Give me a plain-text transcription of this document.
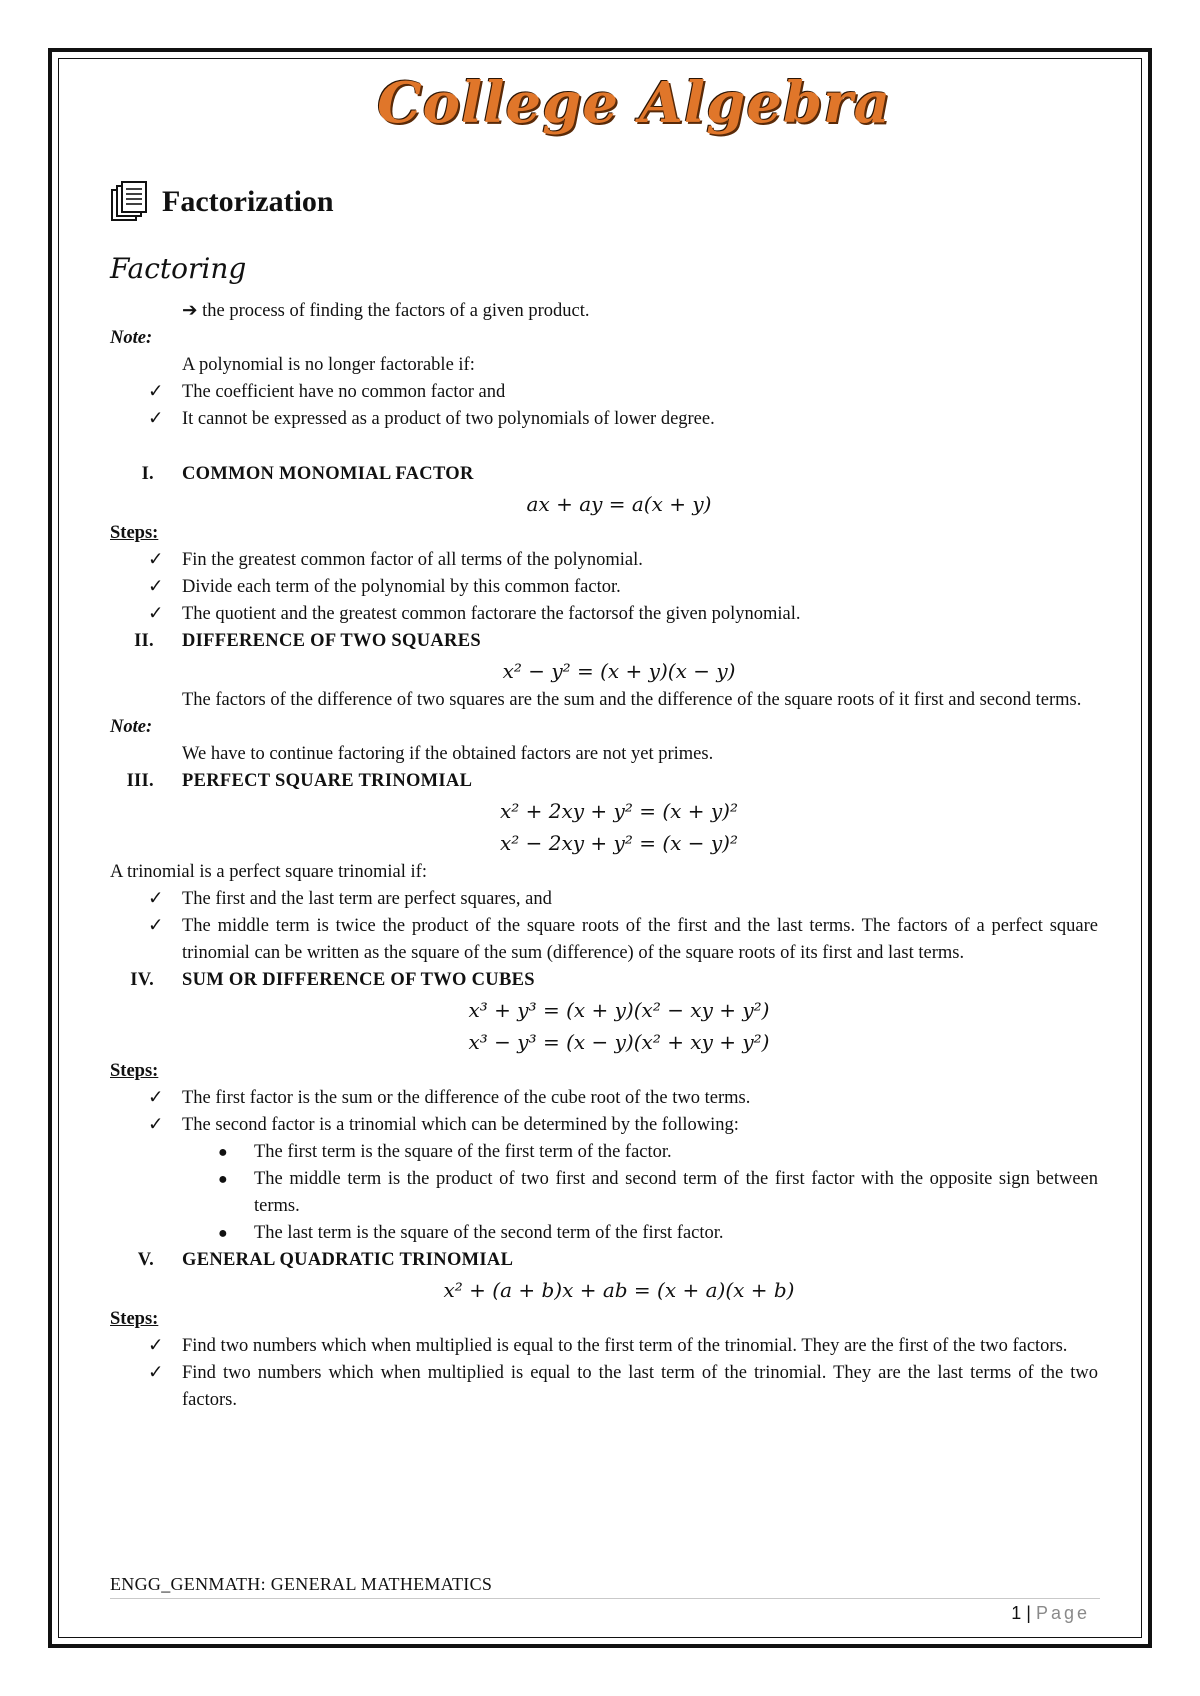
College Algebra
Factorization
Factoring
➔ the process of finding the factors of a given product.
Note:
A polynomial is no longer factorable if:
✓ The coefficient have no common factor and
✓ It cannot be expressed as a product of two polynomials of lower degree.
I. COMMON MONOMIAL FACTOR
ax + ay = a(x + y)
Steps:
✓ Fin the greatest common factor of all terms of the polynomial.
✓ Divide each term of the polynomial by this common factor.
✓ The quotient and the greatest common factorare the factorsof the given polynomial.
II. DIFFERENCE OF TWO SQUARES
x² − y² = (x + y)(x − y)
The factors of the difference of two squares are the sum and the difference of the square roots of it first and second terms.
Note:
We have to continue factoring if the obtained factors are not yet primes.
III. PERFECT SQUARE TRINOMIAL
x² + 2xy + y² = (x + y)²
x² − 2xy + y² = (x − y)²
A trinomial is a perfect square trinomial if:
✓ The first and the last term are perfect squares, and
✓ The middle term is twice the product of the square roots of the first and the last terms. The factors of a perfect square trinomial can be written as the square of the sum (difference) of the square roots of its first and last terms.
IV. SUM OR DIFFERENCE OF TWO CUBES
x³ + y³ = (x + y)(x² − xy + y²)
x³ − y³ = (x − y)(x² + xy + y²)
Steps:
✓ The first factor is the sum or the difference of the cube root of the two terms.
✓ The second factor is a trinomial which can be determined by the following:
● The first term is the square of the first term of the factor.
● The middle term is the product of two first and second term of the first factor with the opposite sign between terms.
● The last term is the square of the second term of the first factor.
V. GENERAL QUADRATIC TRINOMIAL
x² + (a + b)x + ab = (x + a)(x + b)
Steps:
✓ Find two numbers which when multiplied is equal to the first term of the trinomial. They are the first of the two factors.
✓ Find two numbers which when multiplied is equal to the last term of the trinomial. They are the last terms of the two factors.
ENGG_GENMATH: GENERAL MATHEMATICS
1 | Page
